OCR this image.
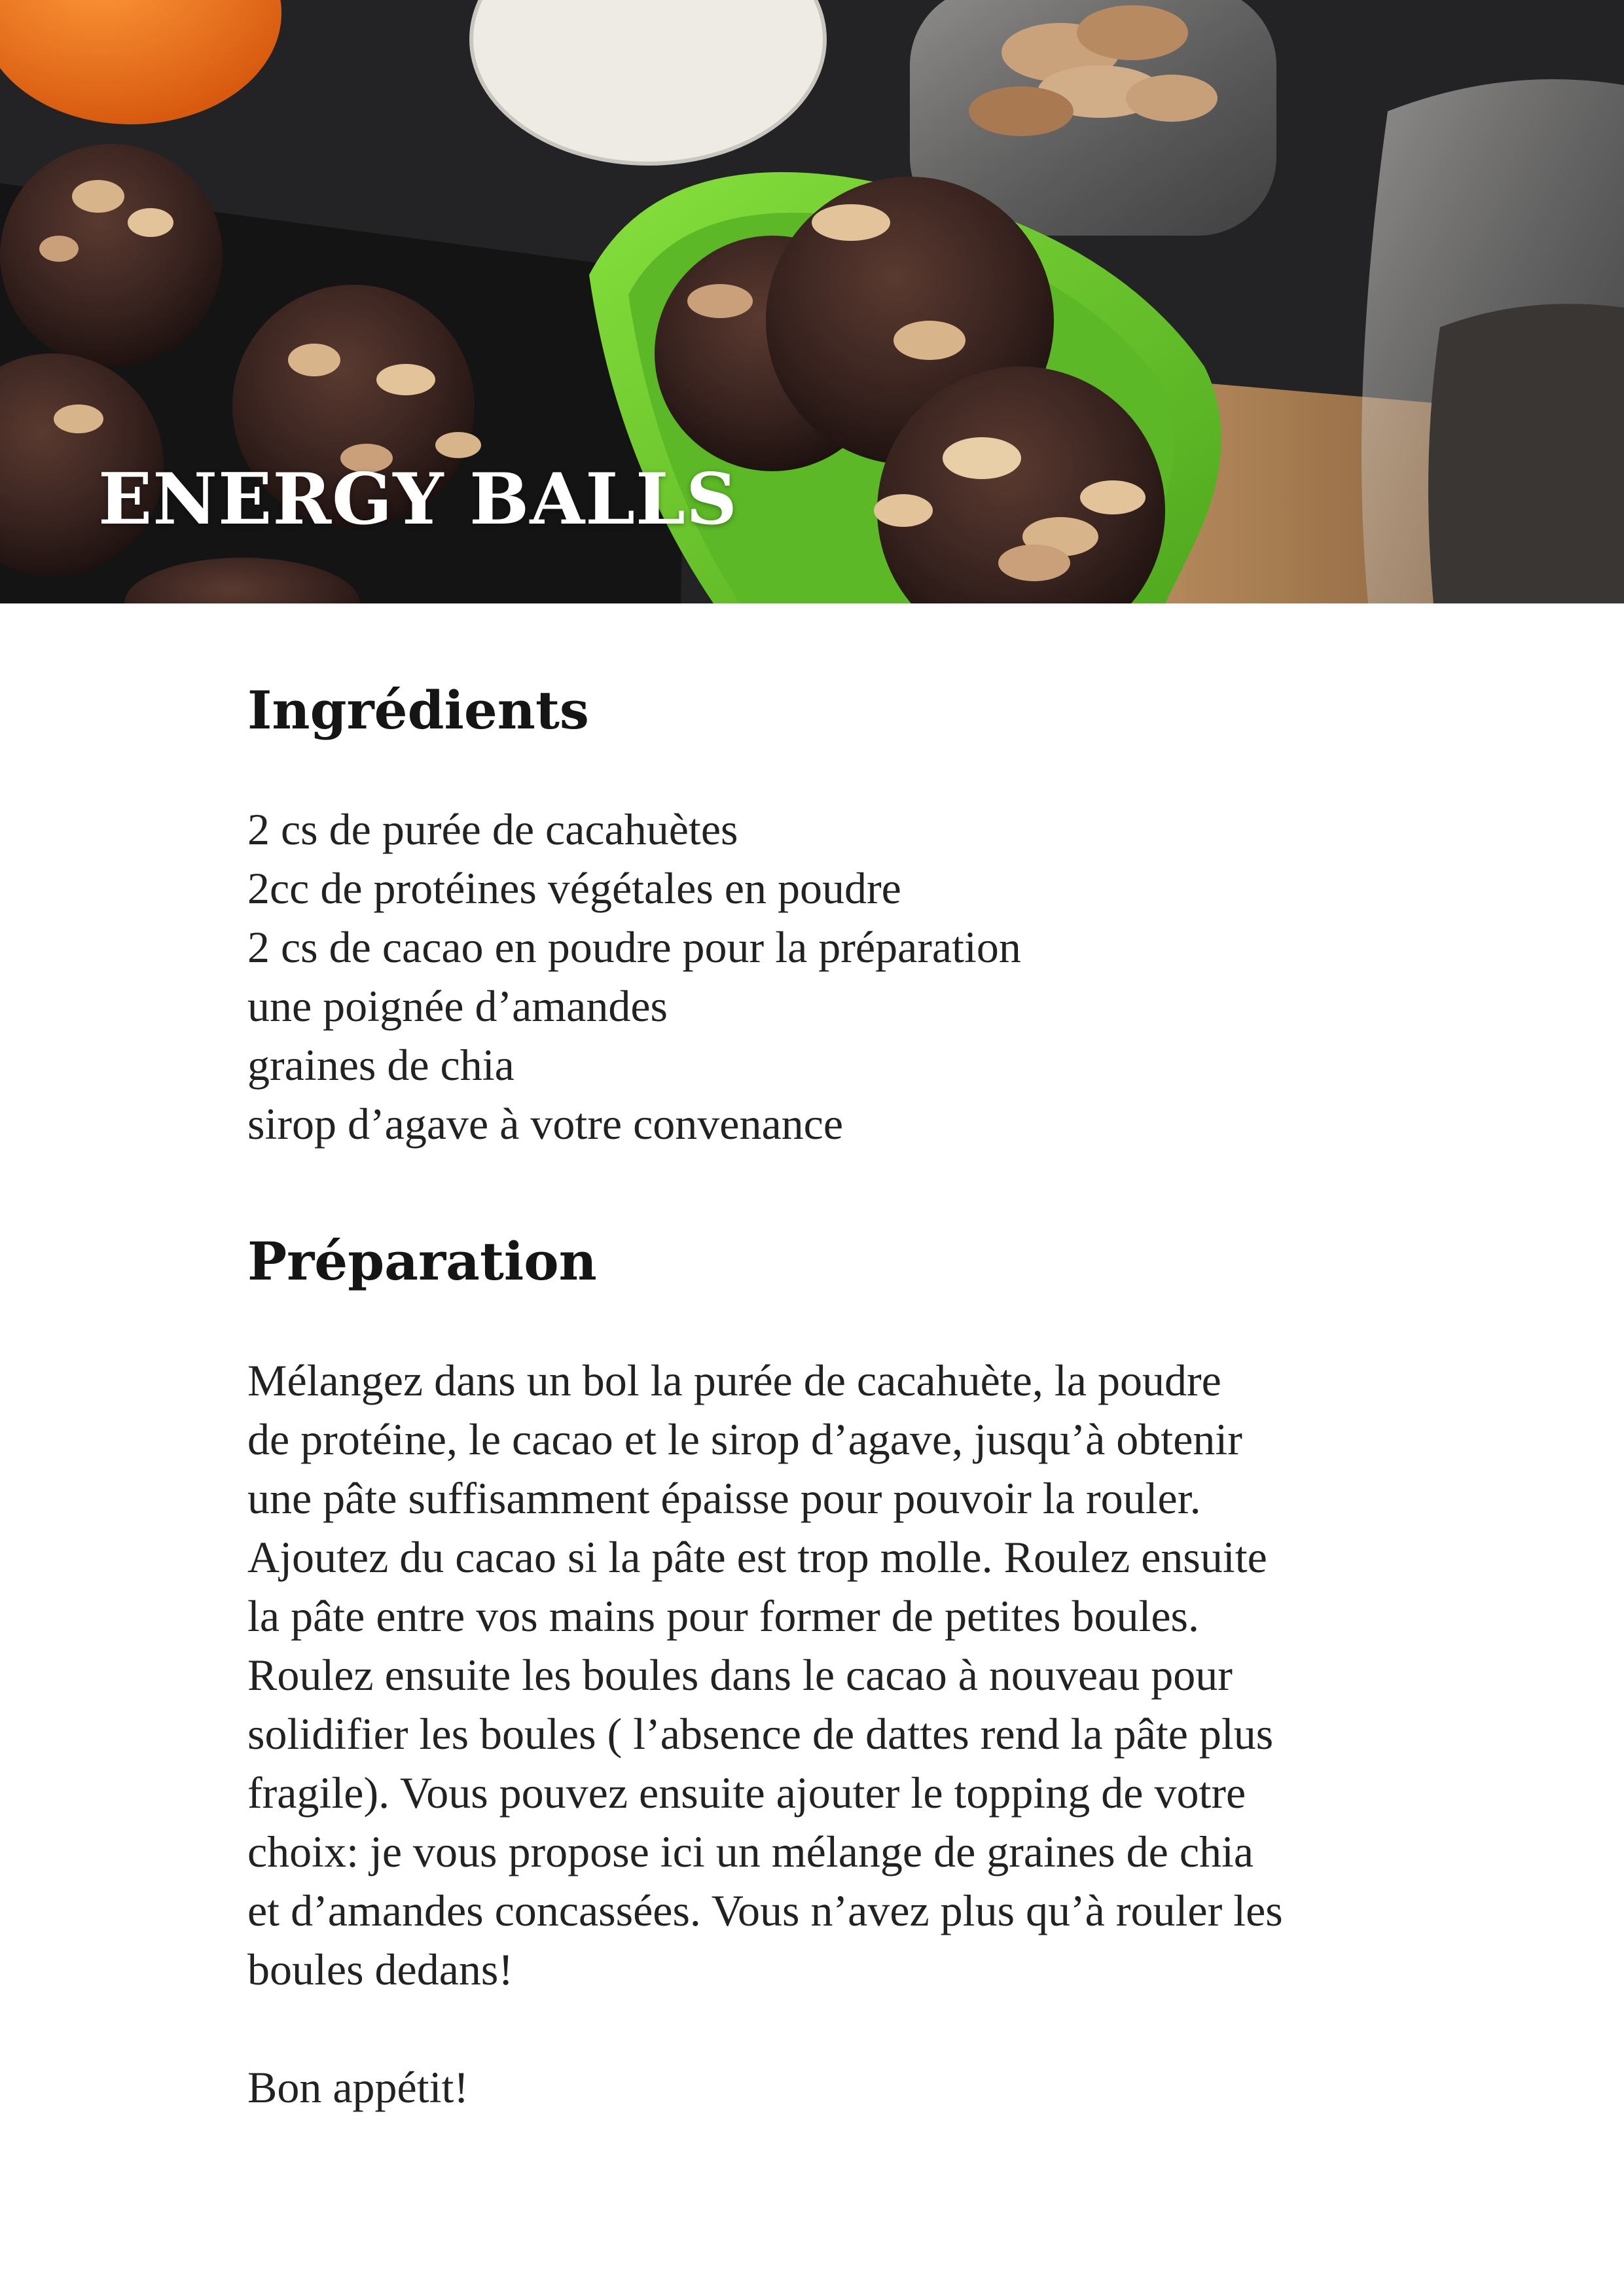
ENERGY BALLS
Ingrédients
2 cs de purée de cacahuètes
2cc de protéines végétales en poudre
2 cs de cacao en poudre pour la préparation
une poignée d’amandes
graines de chia
sirop d’agave à votre convenance
Préparation

Mélangez dans un bol la purée de cacahuète, la poudre
de protéine, le cacao et le sirop d’agave, jusqu’à obtenir
une pâte suffisamment épaisse pour pouvoir la rouler.
Ajoutez du cacao si la pâte est trop molle. Roulez ensuite
la pâte entre vos mains pour former de petites boules.
Roulez ensuite les boules dans le cacao à nouveau pour
solidifier les boules ( l’absence de dattes rend la pâte plus
fragile). Vous pouvez ensuite ajouter le topping de votre
choix: je vous propose ici un mélange de graines de chia
et d’amandes concassées. Vous n’avez plus qu’à rouler les
boules dedans!

Bon appétit!
